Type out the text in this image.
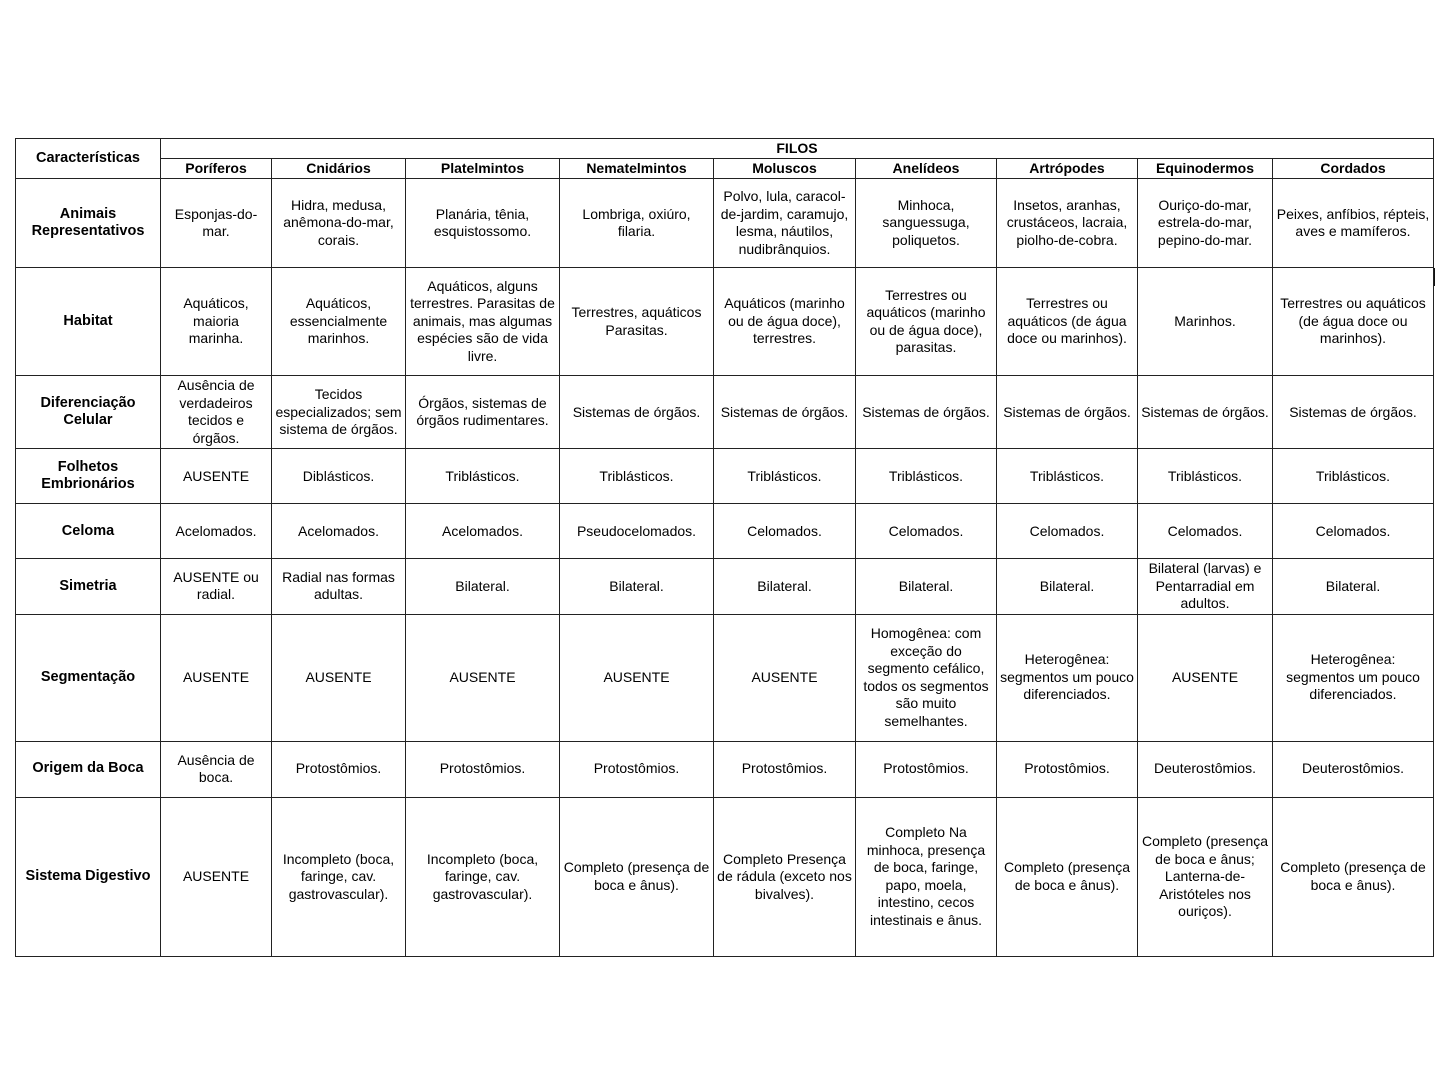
Características	FILOS								
	Poríferos	Cnidários	Platelmintos	Nematelmintos	Moluscos	Anelídeos	Artrópodes	Equinodermos	Cordados
Animais Representativos	Esponjas-do-mar.	Hidra, medusa, anêmona-do-mar, corais.	Planária, tênia, esquistossomo.	Lombriga, oxiúro, filaria.	Polvo, lula, caracol-de-jardim, caramujo, lesma, náutilos, nudibrânquios.	Minhoca, sanguessuga, poliquetos.	Insetos, aranhas, crustáceos, lacraia, piolho-de-cobra.	Ouriço-do-mar, estrela-do-mar, pepino-do-mar.	Peixes, anfíbios, répteis, aves e mamíferos.
Habitat	Aquáticos, maioria marinha.	Aquáticos, essencialmente marinhos.	Aquáticos, alguns terrestres. Parasitas de animais, mas algumas espécies são de vida livre.	Terrestres, aquáticos Parasitas.	Aquáticos (marinho ou de água doce), terrestres.	Terrestres ou aquáticos (marinho ou de água doce), parasitas.	Terrestres ou aquáticos (de água doce ou marinhos).	Marinhos.	Terrestres ou aquáticos (de água doce ou marinhos).
Diferenciação Celular	Ausência de verdadeiros tecidos e órgãos.	Tecidos especializados; sem sistema de órgãos.	Órgãos, sistemas de órgãos rudimentares.	Sistemas de órgãos.	Sistemas de órgãos.	Sistemas de órgãos.	Sistemas de órgãos.	Sistemas de órgãos.	Sistemas de órgãos.
Folhetos Embrionários	AUSENTE	Diblásticos.	Triblásticos.	Triblásticos.	Triblásticos.	Triblásticos.	Triblásticos.	Triblásticos.	Triblásticos.
Celoma	Acelomados.	Acelomados.	Acelomados.	Pseudocelomados.	Celomados.	Celomados.	Celomados.	Celomados.	Celomados.
Simetria	AUSENTE ou radial.	Radial nas formas adultas.	Bilateral.	Bilateral.	Bilateral.	Bilateral.	Bilateral.	Bilateral (larvas) e Pentarradial em adultos.	Bilateral.
Segmentação	AUSENTE	AUSENTE	AUSENTE	AUSENTE	AUSENTE	Homogênea: com exceção do segmento cefálico, todos os segmentos são muito semelhantes.	Heterogênea: segmentos um pouco diferenciados.	AUSENTE	Heterogênea: segmentos um pouco diferenciados.
Origem da Boca	Ausência de boca.	Protostômios.	Protostômios.	Protostômios.	Protostômios.	Protostômios.	Protostômios.	Deuterostômios.	Deuterostômios.
Sistema Digestivo	AUSENTE	Incompleto (boca, faringe, cav. gastrovascular).	Incompleto (boca, faringe, cav. gastrovascular).	Completo (presença de boca e ânus).	Completo Presença de rádula (exceto nos bivalves).	Completo Na minhoca, presença de boca, faringe, papo, moela, intestino, cecos intestinais e ânus.	Completo (presença de boca e ânus).	Completo (presença de boca e ânus; Lanterna-de-Aristóteles nos ouriços).	Completo (presença de boca e ânus).
